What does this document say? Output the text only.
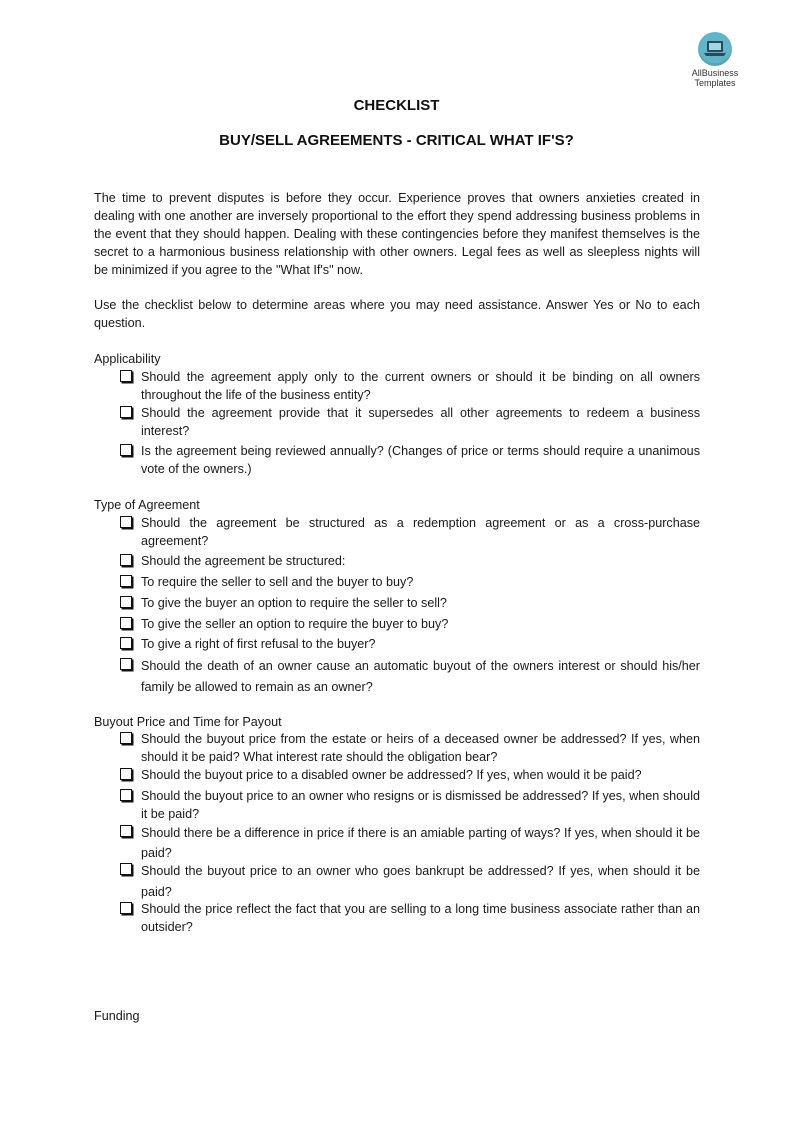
AllBusiness
Templates
CHECKLIST
BUY/SELL AGREEMENTS - CRITICAL WHAT IF'S?
The time to prevent disputes is before they occur. Experience proves that owners anxieties created in dealing with one another are inversely proportional to the effort they spend addressing business problems in the event that they should happen. Dealing with these contingencies before they manifest themselves is the secret to a harmonious business relationship with other owners. Legal fees as well as sleepless nights will be minimized if you agree to the "What If's" now.
Use the checklist below to determine areas where you may need assistance. Answer Yes or No to each question.
Applicability
Should the agreement apply only to the current owners or should it be binding on all owners throughout the life of the business entity?
Should the agreement provide that it supersedes all other agreements to redeem a business interest?
Is the agreement being reviewed annually? (Changes of price or terms should require a unanimous vote of the owners.)
Type of Agreement
Should the agreement be structured as a redemption agreement or as a cross-purchase agreement?
Should the agreement be structured:
To require the seller to sell and the buyer to buy?
To give the buyer an option to require the seller to sell?
To give the seller an option to require the buyer to buy?
To give a right of first refusal to the buyer?
Should the death of an owner cause an automatic buyout of the owners interest or should his/her family be allowed to remain as an owner?
Buyout Price and Time for Payout
Should the buyout price from the estate or heirs of a deceased owner be addressed? If yes, when should it be paid? What interest rate should the obligation bear?
Should the buyout price to a disabled owner be addressed? If yes, when would it be paid?
Should the buyout price to an owner who resigns or is dismissed be addressed? If yes, when should it be paid?
Should there be a difference in price if there is an amiable parting of ways? If yes, when should it be paid?
Should the buyout price to an owner who goes bankrupt be addressed? If yes, when should it be paid?
Should the price reflect the fact that you are selling to a long time business associate rather than an outsider?
Funding
